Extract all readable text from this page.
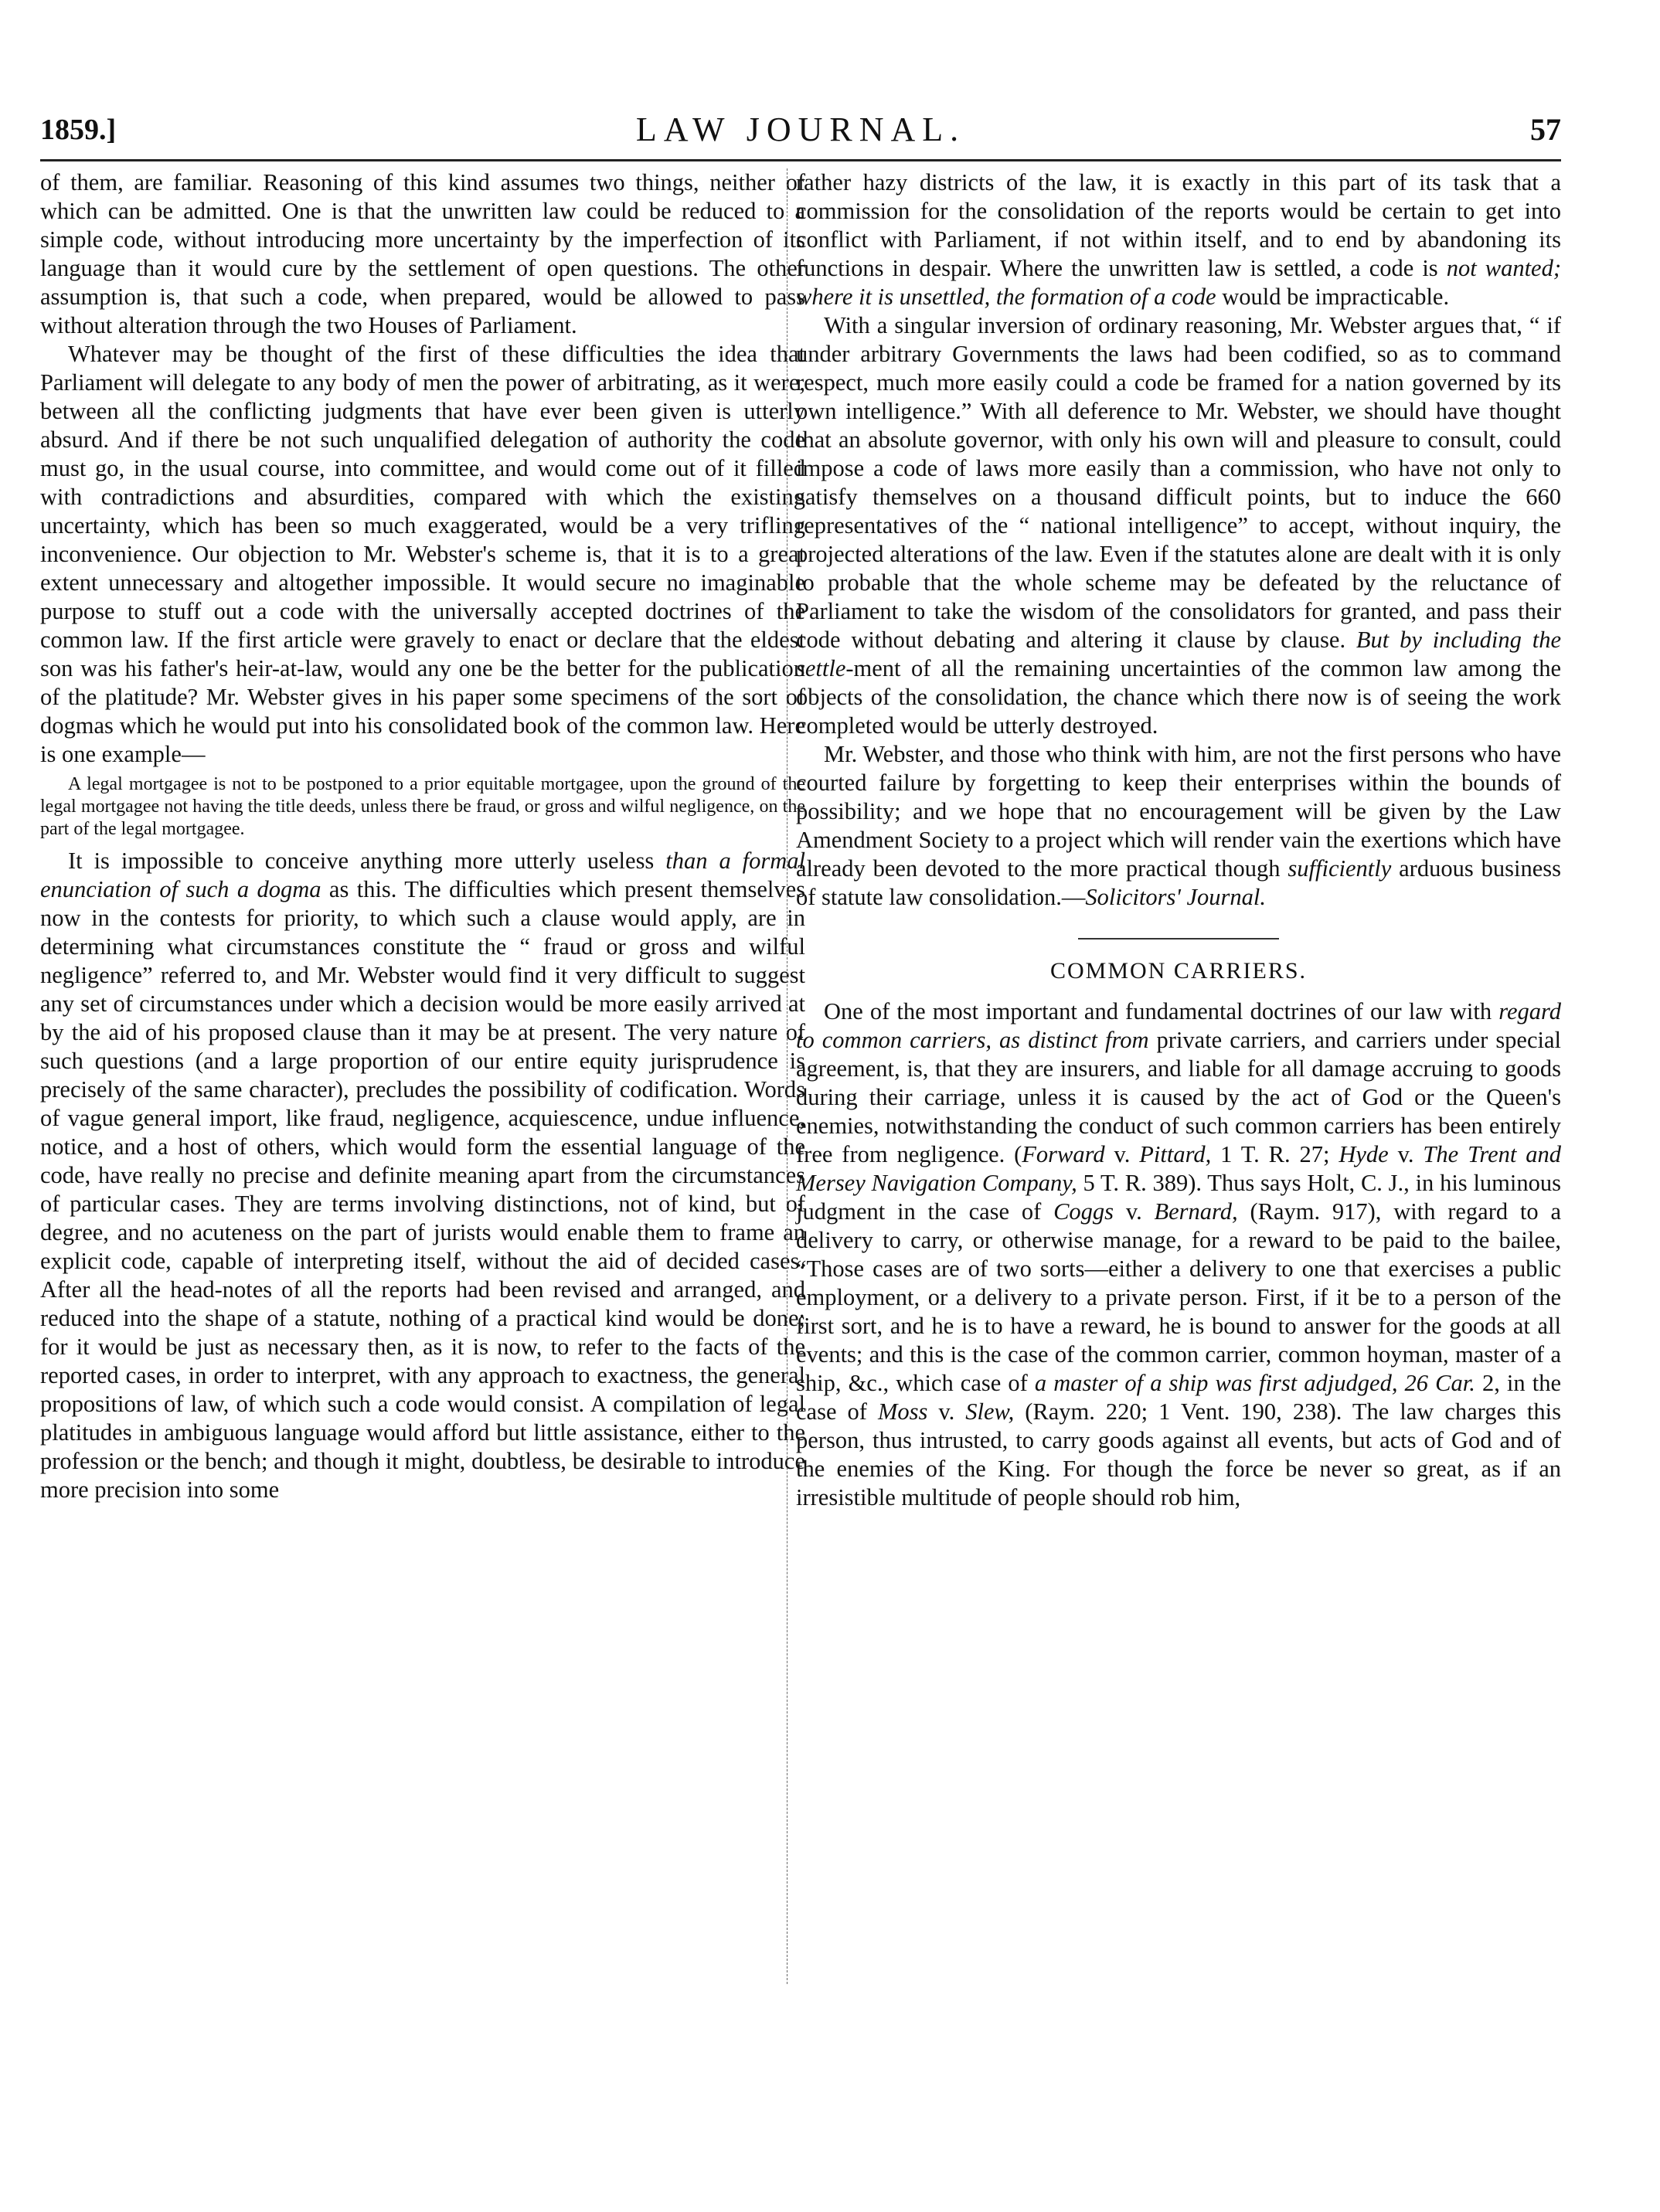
1859.]	LAW JOURNAL.	57

of them, are familiar. Reasoning of this kind assumes two things, neither of which can be admitted. One is that the unwritten law could be reduced to a simple code, without introducing more uncertainty by the imperfection of its language than it would cure by the settlement of open questions. The other assumption is, that such a code, when prepared, would be allowed to pass without alteration through the two Houses of Parliament.

Whatever may be thought of the first of these difficulties the idea that Parliament will delegate to any body of men the power of arbitrating, as it were, between all the conflicting judgments that have ever been given is utterly absurd. And if there be not such unqualified delegation of authority the code must go, in the usual course, into committee, and would come out of it filled with contradictions and absurdities, compared with which the existing uncertainty, which has been so much exaggerated, would be a very trifling inconvenience. Our objection to Mr. Webster's scheme is, that it is to a great extent unnecessary and altogether impossible. It would secure no imaginable purpose to stuff out a code with the universally accepted doctrines of the common law. If the first article were gravely to enact or declare that the eldest son was his father's heir-at-law, would any one be the better for the publication of the platitude? Mr. Webster gives in his paper some specimens of the sort of dogmas which he would put into his consolidated book of the common law. Here is one example—

A legal mortgagee is not to be postponed to a prior equitable mortgagee, upon the ground of the legal mortgagee not having the title deeds, unless there be fraud, or gross and wilful negligence, on the part of the legal mortgagee.

It is impossible to conceive anything more utterly useless than a formal enunciation of such a dogma as this. The difficulties which present themselves now in the contests for priority, to which such a clause would apply, are in determining what circumstances constitute the “ fraud or gross and wilful negligence” referred to, and Mr. Webster would find it very difficult to suggest any set of circumstances under which a decision would be more easily arrived at by the aid of his proposed clause than it may be at present. The very nature of such questions (and a large proportion of our entire equity jurisprudence is precisely of the same character), precludes the possibility of codification. Words of vague general import, like fraud, negligence, acquiescence, undue influence, notice, and a host of others, which would form the essential language of the code, have really no precise and definite meaning apart from the circumstances of particular cases. They are terms involving distinctions, not of kind, but of degree, and no acuteness on the part of jurists would enable them to frame an explicit code, capable of interpreting itself, without the aid of decided cases. After all the head-notes of all the reports had been revised and arranged, and reduced into the shape of a statute, nothing of a practical kind would be done; for it would be just as necessary then, as it is now, to refer to the facts of the reported cases, in order to interpret, with any approach to exactness, the general propositions of law, of which such a code would consist. A compilation of legal platitudes in ambiguous language would afford but little assistance, either to the profession or the bench; and though it might, doubtless, be desirable to introduce more precision into some

rather hazy districts of the law, it is exactly in this part of its task that a commission for the consolidation of the reports would be certain to get into conflict with Parliament, if not within itself, and to end by abandoning its functions in despair. Where the unwritten law is settled, a code is not wanted; where it is unsettled, the formation of a code would be impracticable.

With a singular inversion of ordinary reasoning, Mr. Webster argues that, “ if under arbitrary Governments the laws had been codified, so as to command respect, much more easily could a code be framed for a nation governed by its own intelligence.” With all deference to Mr. Webster, we should have thought that an absolute governor, with only his own will and pleasure to consult, could impose a code of laws more easily than a commission, who have not only to satisfy themselves on a thousand difficult points, but to induce the 660 representatives of the “ national intelligence” to accept, without inquiry, the projected alterations of the law. Even if the statutes alone are dealt with it is only to probable that the whole scheme may be defeated by the reluctance of Parliament to take the wisdom of the consolidators for granted, and pass their code without debating and altering it clause by clause. But by including the settle-ment of all the remaining uncertainties of the common law among the objects of the consolidation, the chance which there now is of seeing the work completed would be utterly destroyed.

Mr. Webster, and those who think with him, are not the first persons who have courted failure by forgetting to keep their enterprises within the bounds of possibility; and we hope that no encouragement will be given by the Law Amendment Society to a project which will render vain the exertions which have already been devoted to the more practical though sufficiently arduous business of statute law consolidation.—Solicitors' Journal.

COMMON CARRIERS.

One of the most important and fundamental doctrines of our law with regard to common carriers, as distinct from private carriers, and carriers under special agreement, is, that they are insurers, and liable for all damage accruing to goods during their carriage, unless it is caused by the act of God or the Queen's enemies, notwithstanding the conduct of such common carriers has been entirely free from negligence. (Forward v. Pittard, 1 T. R. 27; Hyde v. The Trent and Mersey Navigation Company, 5 T. R. 389). Thus says Holt, C. J., in his luminous judgment in the case of Coggs v. Bernard, (Raym. 917), with regard to a delivery to carry, or otherwise manage, for a reward to be paid to the bailee, “Those cases are of two sorts—either a delivery to one that exercises a public employment, or a delivery to a private person. First, if it be to a person of the first sort, and he is to have a reward, he is bound to answer for the goods at all events; and this is the case of the common carrier, common hoyman, master of a ship, &c., which case of a master of a ship was first adjudged, 26 Car. 2, in the case of Moss v. Slew, (Raym. 220; 1 Vent. 190, 238). The law charges this person, thus intrusted, to carry goods against all events, but acts of God and of the enemies of the King. For though the force be never so great, as if an irresistible multitude of people should rob him,
